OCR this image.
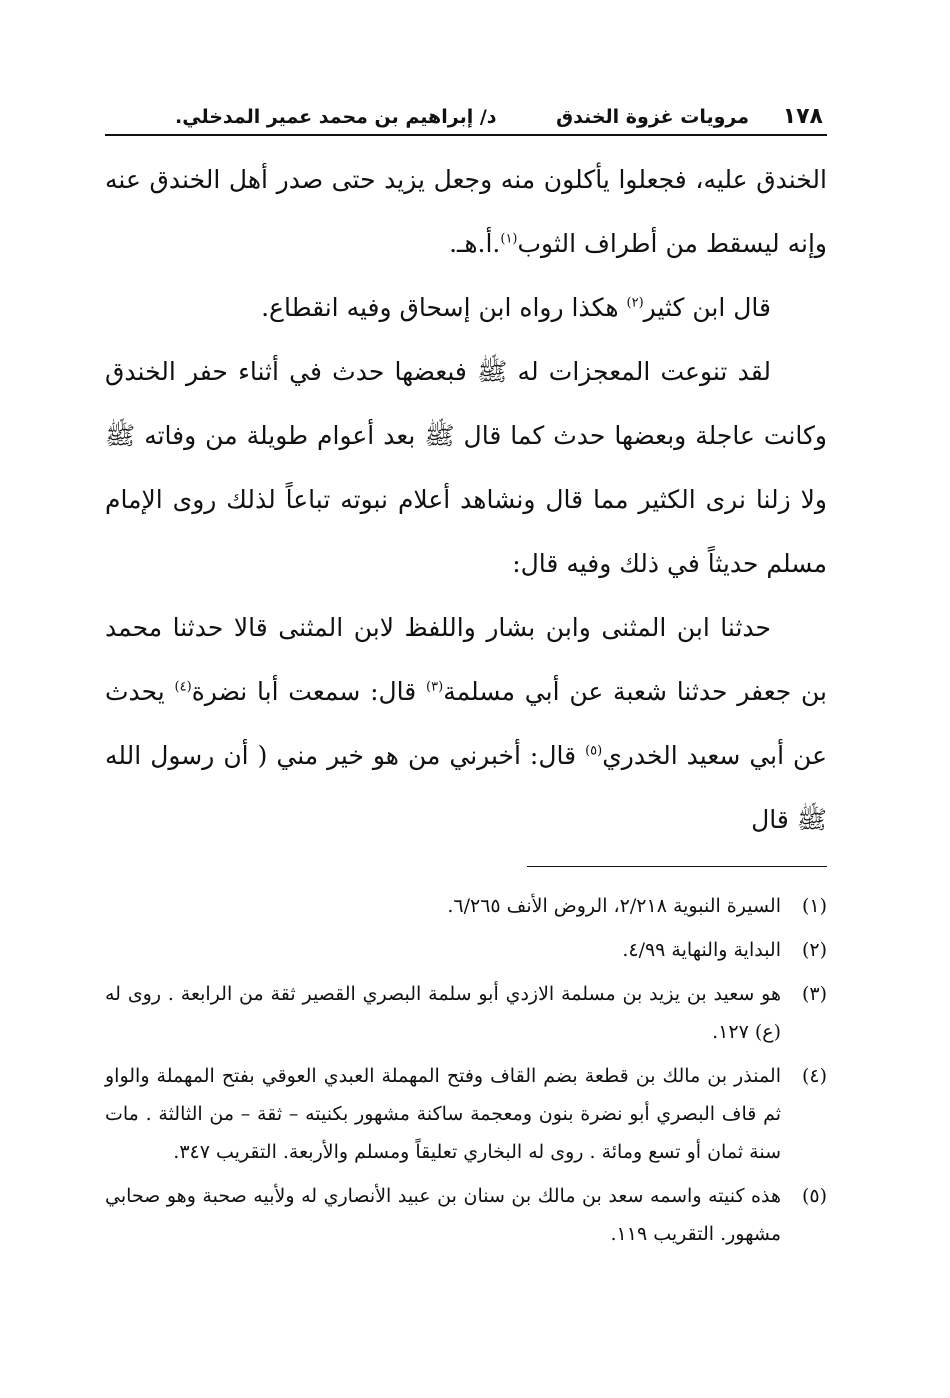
١٧٨
مرويات غزوة الخندق
د/ إبراهيم بن محمد عمير المدخلي.

الخندق عليه، فجعلوا يأكلون منه وجعل يزيد حتى صدر أهل الخندق عنه وإنه ليسقط من أطراف الثوب$^{(١)}$.أ.هـ.

قال ابن كثير$^{(٢)}$ هكذا رواه ابن إسحاق وفيه انقطاع.

لقد تنوعت المعجزات له ﷺ فبعضها حدث في أثناء حفر الخندق وكانت عاجلة وبعضها حدث كما قال ﷺ بعد أعوام طويلة من وفاته ﷺ ولا زلنا نرى الكثير مما قال ونشاهد أعلام نبوته تباعاً لذلك روى الإمام مسلم حديثاً في ذلك وفيه قال:

حدثنا ابن المثنى وابن بشار واللفظ لابن المثنى قالا حدثنا محمد بن جعفر حدثنا شعبة عن أبي مسلمة$^{(٣)}$ قال: سمعت أبا نضرة$^{(٤)}$ يحدث عن أبي سعيد الخدري$^{(٥)}$ قال: أخبرني من هو خير مني ( أن رسول الله ﷺ قال

(١)
السيرة النبوية ٢/٢١٨، الروض الأنف ٦/٢٦٥.
(٢)
البداية والنهاية ٤/٩٩.
(٣)
هو سعيد بن يزيد بن مسلمة الازدي أبو سلمة البصري القصير ثقة من الرابعة . روى له (ع) ١٢٧.
(٤)
المنذر بن مالك بن قطعة بضم القاف وفتح المهملة العبدي العوقي بفتح المهملة والواو ثم قاف البصري أبو نضرة بنون ومعجمة ساكنة مشهور بكنيته – ثقة – من الثالثة . مات سنة ثمان أو تسع ومائة . روى له البخاري تعليقاً ومسلم والأربعة. التقريب ٣٤٧.
(٥)
هذه كنيته واسمه سعد بن مالك بن سنان بن عبيد الأنصاري له ولأبيه صحبة وهو صحابي مشهور. التقريب ١١٩.
